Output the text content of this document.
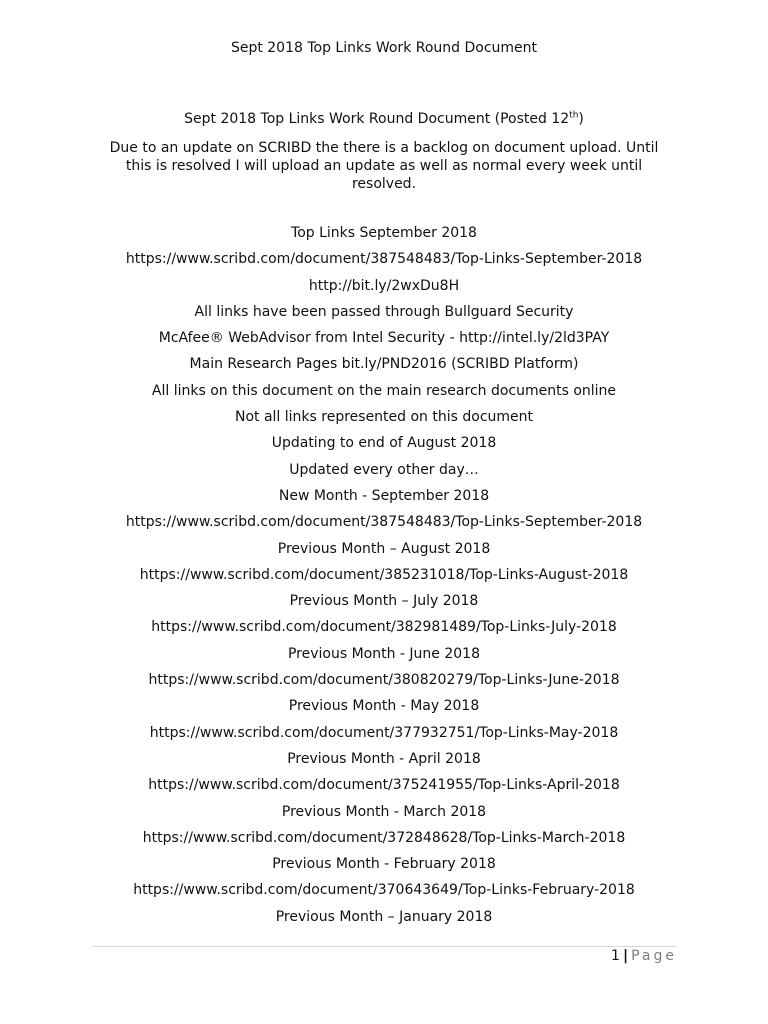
Sept 2018 Top Links Work Round Document
Sept 2018 Top Links Work Round Document (Posted 12th)
Due to an update on SCRIBD the there is a backlog on document upload. Until this is resolved I will upload an update as well as normal every week until resolved.
Top Links September 2018
https://www.scribd.com/document/387548483/Top-Links-September-2018
http://bit.ly/2wxDu8H
All links have been passed through Bullguard Security
McAfee® WebAdvisor from Intel Security - http://intel.ly/2ld3PAY
Main Research Pages bit.ly/PND2016 (SCRIBD Platform)
All links on this document on the main research documents online
Not all links represented on this document
Updating to end of August 2018
Updated every other day…
New Month - September 2018
https://www.scribd.com/document/387548483/Top-Links-September-2018
Previous Month – August 2018
https://www.scribd.com/document/385231018/Top-Links-August-2018
Previous Month – July 2018
https://www.scribd.com/document/382981489/Top-Links-July-2018
Previous Month - June 2018
https://www.scribd.com/document/380820279/Top-Links-June-2018
Previous Month - May 2018
https://www.scribd.com/document/377932751/Top-Links-May-2018
Previous Month - April 2018
https://www.scribd.com/document/375241955/Top-Links-April-2018
Previous Month - March 2018
https://www.scribd.com/document/372848628/Top-Links-March-2018
Previous Month - February 2018
https://www.scribd.com/document/370643649/Top-Links-February-2018
Previous Month – January 2018
1 | Page
